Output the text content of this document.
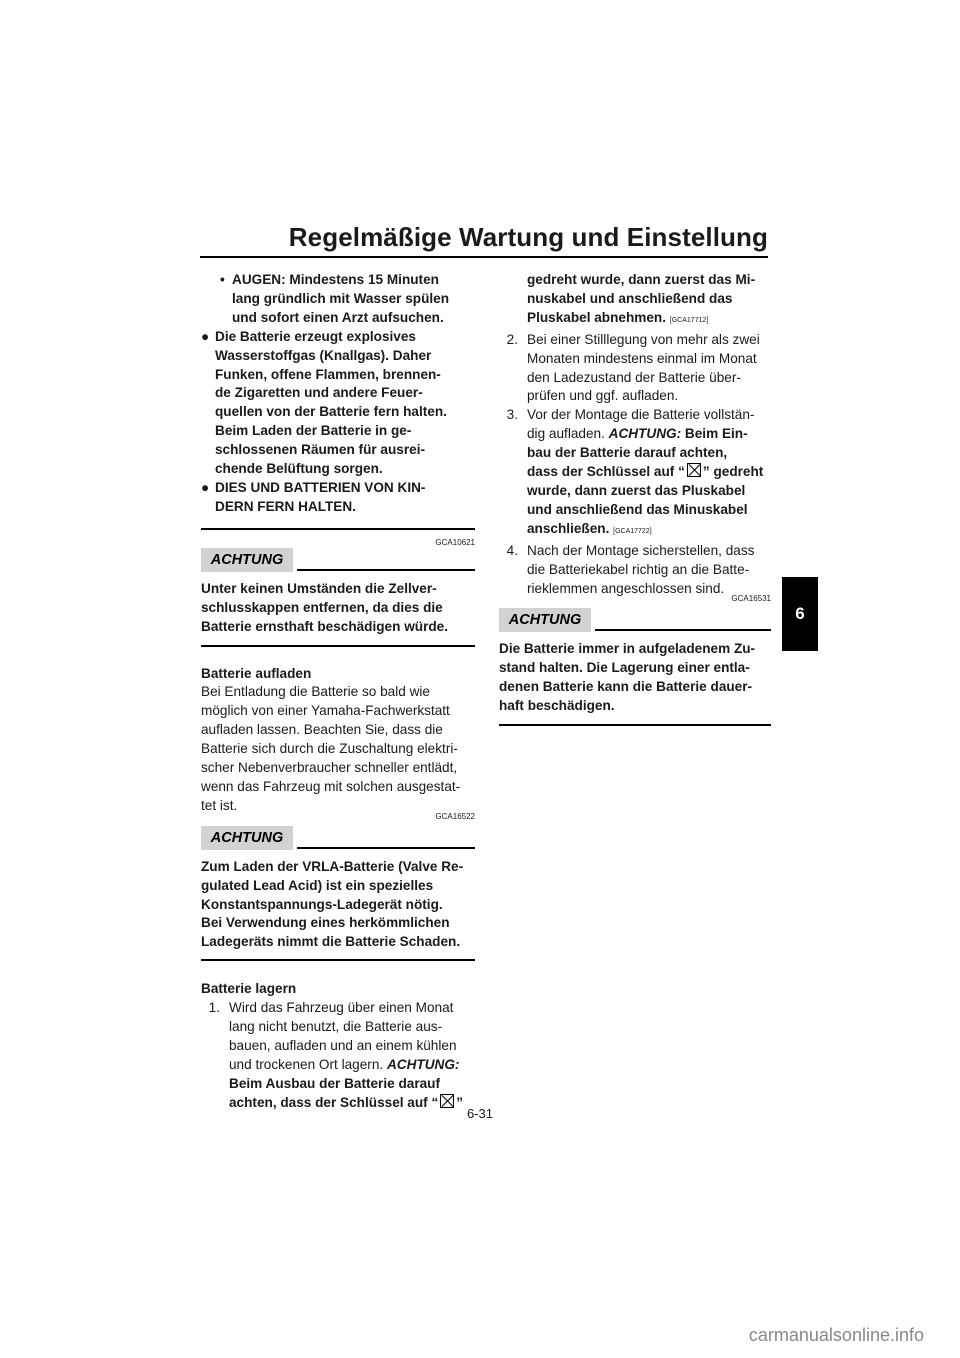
Regelmäßige Wartung und Einstellung
6
• AUGEN: Mindestens 15 Minuten
lang gründlich mit Wasser spülen
und sofort einen Arzt aufsuchen.
● Die Batterie erzeugt explosives
Wasserstoffgas (Knallgas). Daher
Funken, offene Flammen, brennen-
de Zigaretten und andere Feuer-
quellen von der Batterie fern halten.
Beim Laden der Batterie in ge-
schlossenen Räumen für ausrei-
chende Belüftung sorgen.
● DIES UND BATTERIEN VON KIN-
DERN FERN HALTEN.
GCA10621
ACHTUNG
Unter keinen Umständen die Zellver-
schlusskappen entfernen, da dies die
Batterie ernsthaft beschädigen würde.
Batterie aufladen
Bei Entladung die Batterie so bald wie
möglich von einer Yamaha-Fachwerkstatt
aufladen lassen. Beachten Sie, dass die
Batterie sich durch die Zuschaltung elektri-
scher Nebenverbraucher schneller entlädt,
wenn das Fahrzeug mit solchen ausgestat-
tet ist.
GCA16522
ACHTUNG
Zum Laden der VRLA-Batterie (Valve Re-
gulated Lead Acid) ist ein spezielles
Konstantspannungs-Ladegerät nötig.
Bei Verwendung eines herkömmlichen
Ladegeräts nimmt die Batterie Schaden.
Batterie lagern
1. Wird das Fahrzeug über einen Monat
lang nicht benutzt, die Batterie aus-
bauen, aufladen und an einem kühlen
und trockenen Ort lagern. ACHTUNG:
Beim Ausbau der Batterie darauf
achten, dass der Schlüssel auf “ ”
gedreht wurde, dann zuerst das Mi-
nuskabel und anschließend das
Pluskabel abnehmen. [GCA17712]
2. Bei einer Stilllegung von mehr als zwei
Monaten mindestens einmal im Monat
den Ladezustand der Batterie über-
prüfen und ggf. aufladen.
3. Vor der Montage die Batterie vollstän-
dig aufladen. ACHTUNG: Beim Ein-
bau der Batterie darauf achten,
dass der Schlüssel auf “ ” gedreht
wurde, dann zuerst das Pluskabel
und anschließend das Minuskabel
anschließen. [GCA17722]
4. Nach der Montage sicherstellen, dass
die Batteriekabel richtig an die Batte-
rieklemmen angeschlossen sind.
GCA16531
ACHTUNG
Die Batterie immer in aufgeladenem Zu-
stand halten. Die Lagerung einer entla-
denen Batterie kann die Batterie dauer-
haft beschädigen.
6-31
carmanualsonline.info
